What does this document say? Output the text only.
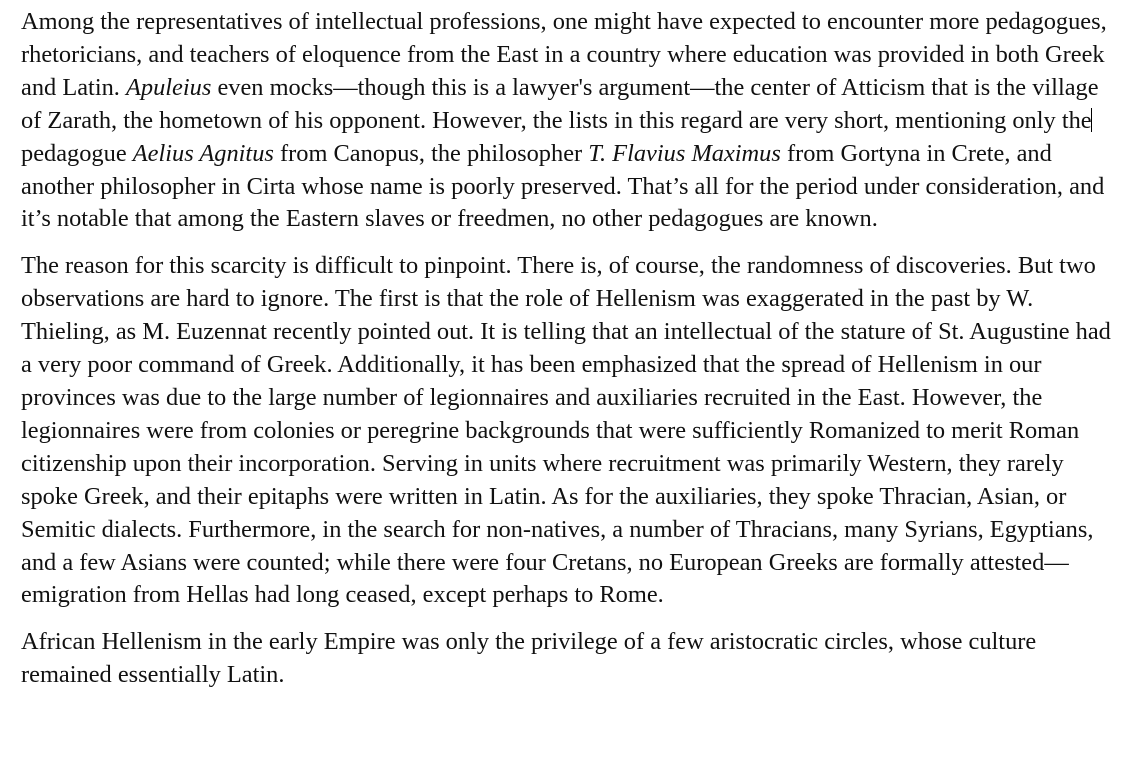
Among the representatives of intellectual professions, one might have expected to encounter more pedagogues, rhetoricians, and teachers of eloquence from the East in a country where education was provided in both Greek and Latin. Apuleius even mocks—though this is a lawyer's argument—the center of Atticism that is the village of Zarath, the hometown of his opponent. However, the lists in this regard are very short, mentioning only the pedagogue Aelius Agnitus from Canopus, the philosopher T. Flavius Maximus from Gortyna in Crete, and another philosopher in Cirta whose name is poorly preserved. That’s all for the period under consideration, and it’s notable that among the Eastern slaves or freedmen, no other pedagogues are known.

The reason for this scarcity is difficult to pinpoint. There is, of course, the randomness of discoveries. But two observations are hard to ignore. The first is that the role of Hellenism was exaggerated in the past by W. Thieling, as M. Euzennat recently pointed out. It is telling that an intellectual of the stature of St. Augustine had a very poor command of Greek. Additionally, it has been emphasized that the spread of Hellenism in our provinces was due to the large number of legionnaires and auxiliaries recruited in the East. However, the legionnaires were from colonies or peregrine backgrounds that were sufficiently Romanized to merit Roman citizenship upon their incorporation. Serving in units where recruitment was primarily Western, they rarely spoke Greek, and their epitaphs were written in Latin. As for the auxiliaries, they spoke Thracian, Asian, or Semitic dialects. Furthermore, in the search for non-natives, a number of Thracians, many Syrians, Egyptians, and a few Asians were counted; while there were four Cretans, no European Greeks are formally attested—emigration from Hellas had long ceased, except perhaps to Rome.

African Hellenism in the early Empire was only the privilege of a few aristocratic circles, whose culture remained essentially Latin.
